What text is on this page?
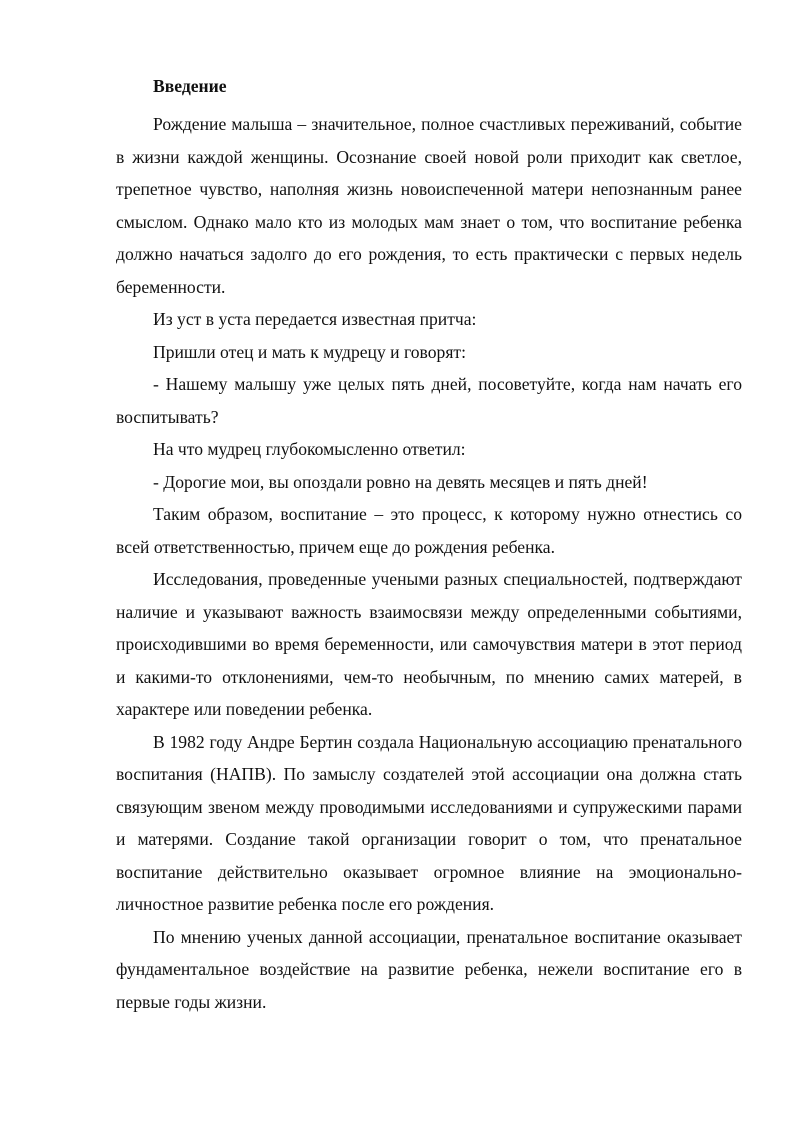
Введение

Рождение малыша – значительное, полное счастливых переживаний, событие в жизни каждой женщины. Осознание своей новой роли приходит как светлое, трепетное чувство, наполняя жизнь новоиспеченной матери непознанным ранее смыслом. Однако мало кто из молодых мам знает о том, что воспитание ребенка должно начаться задолго до его рождения, то есть практически с первых недель беременности.

Из уст в уста передается известная притча:

Пришли отец и мать к мудрецу и говорят:

- Нашему малышу уже целых пять дней, посоветуйте, когда нам начать его воспитывать?

На что мудрец глубокомысленно ответил:

- Дорогие мои, вы опоздали ровно на девять месяцев и пять дней!

Таким образом, воспитание – это процесс, к которому нужно отнестись со всей ответственностью, причем еще до рождения ребенка.

Исследования, проведенные учеными разных специальностей, подтверждают наличие и указывают важность взаимосвязи между определенными событиями, происходившими во время беременности, или самочувствия матери в этот период и какими-то отклонениями, чем-то необычным, по мнению самих матерей, в характере или поведении ребенка.

В 1982 году Андре Бертин создала Национальную ассоциацию пренатального воспитания (НАПВ). По замыслу создателей этой ассоциации она должна стать связующим звеном между проводимыми исследованиями и супружескими парами и матерями. Создание такой организации говорит о том, что пренатальное воспитание действительно оказывает огромное влияние на эмоционально-личностное развитие ребенка после его рождения.

По мнению ученых данной ассоциации, пренатальное воспитание оказывает фундаментальное воздействие на развитие ребенка, нежели воспитание его в первые годы жизни.
